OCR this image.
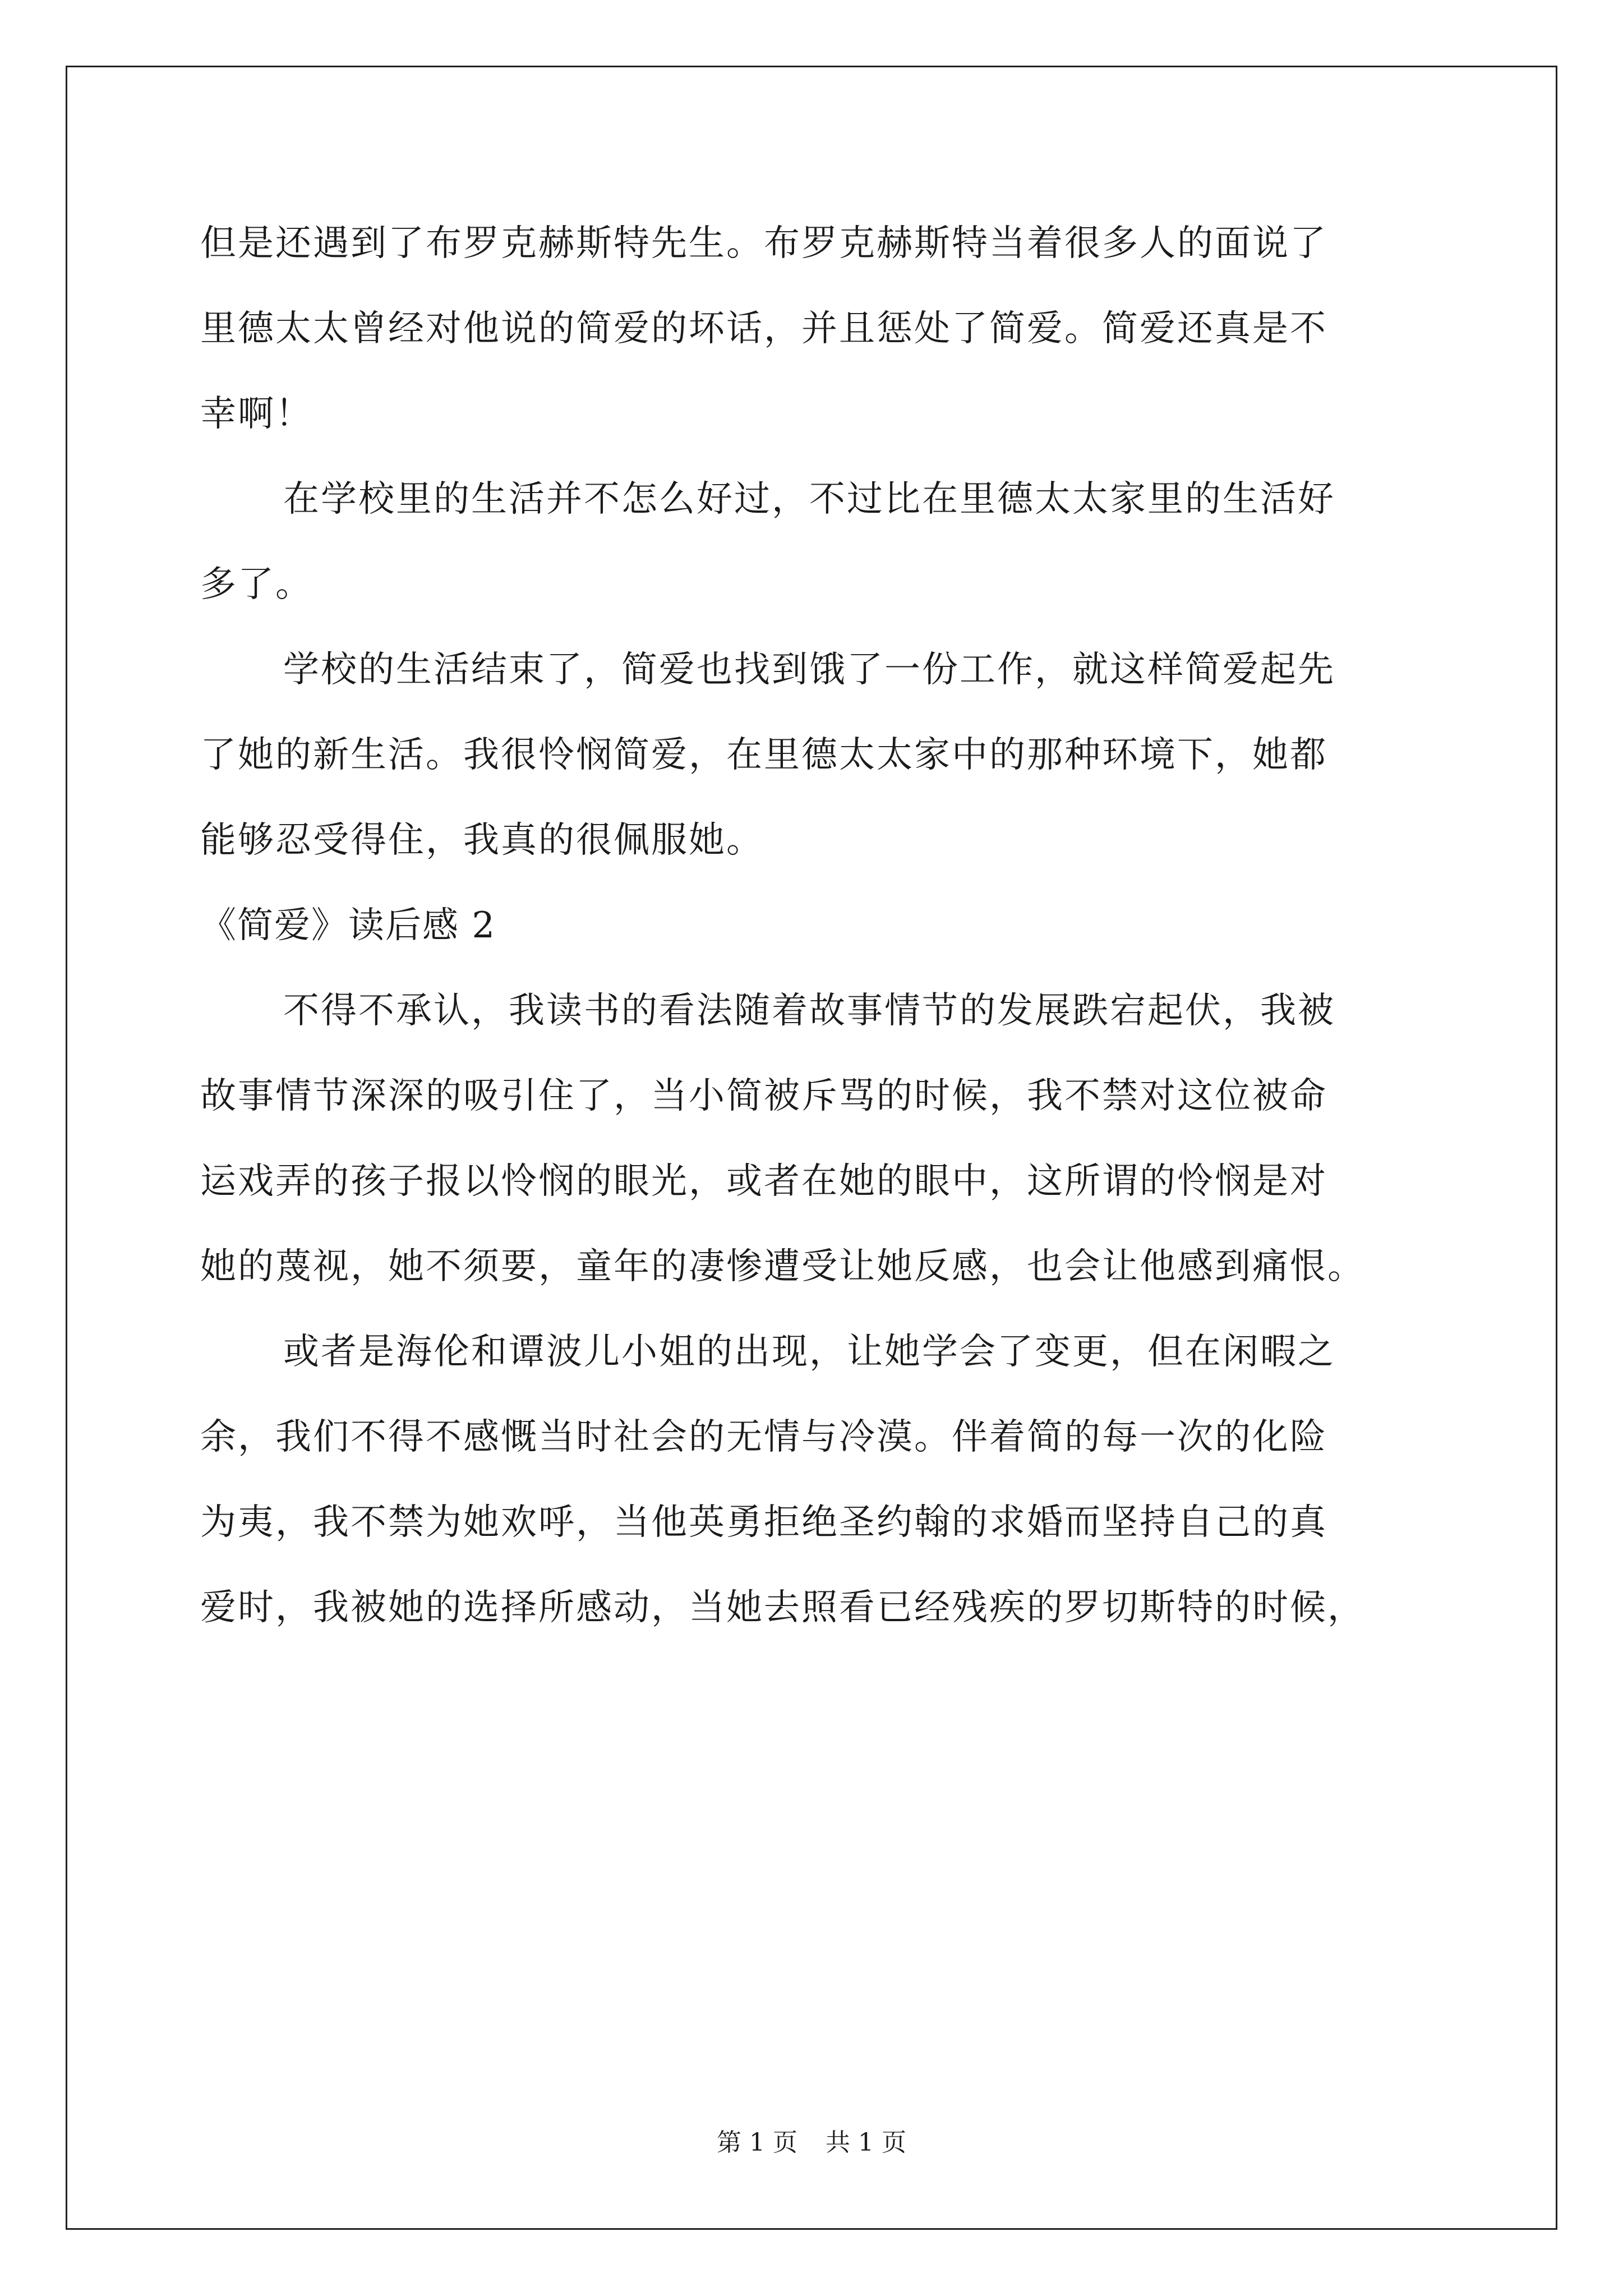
但是还遇到了布罗克赫斯特先生。布罗克赫斯特当着很多人的面说了
里德太太曾经对他说的简爱的坏话，并且惩处了简爱。简爱还真是不
幸啊！
在学校里的生活并不怎么好过，不过比在里德太太家里的生活好
多了。
学校的生活结束了，简爱也找到饿了一份工作，就这样简爱起先
了她的新生活。我很怜悯简爱，在里德太太家中的那种环境下，她都
能够忍受得住，我真的很佩服她。
《简爱》读后感 2
不得不承认，我读书的看法随着故事情节的发展跌宕起伏，我被
故事情节深深的吸引住了，当小简被斥骂的时候，我不禁对这位被命
运戏弄的孩子报以怜悯的眼光，或者在她的眼中，这所谓的怜悯是对
她的蔑视，她不须要，童年的凄惨遭受让她反感，也会让他感到痛恨。
或者是海伦和谭波儿小姐的出现，让她学会了变更，但在闲暇之
余，我们不得不感慨当时社会的无情与冷漠。伴着简的每一次的化险
为夷，我不禁为她欢呼，当他英勇拒绝圣约翰的求婚而坚持自己的真
爱时，我被她的选择所感动，当她去照看已经残疾的罗切斯特的时候，
第 1 页 共 1 页
